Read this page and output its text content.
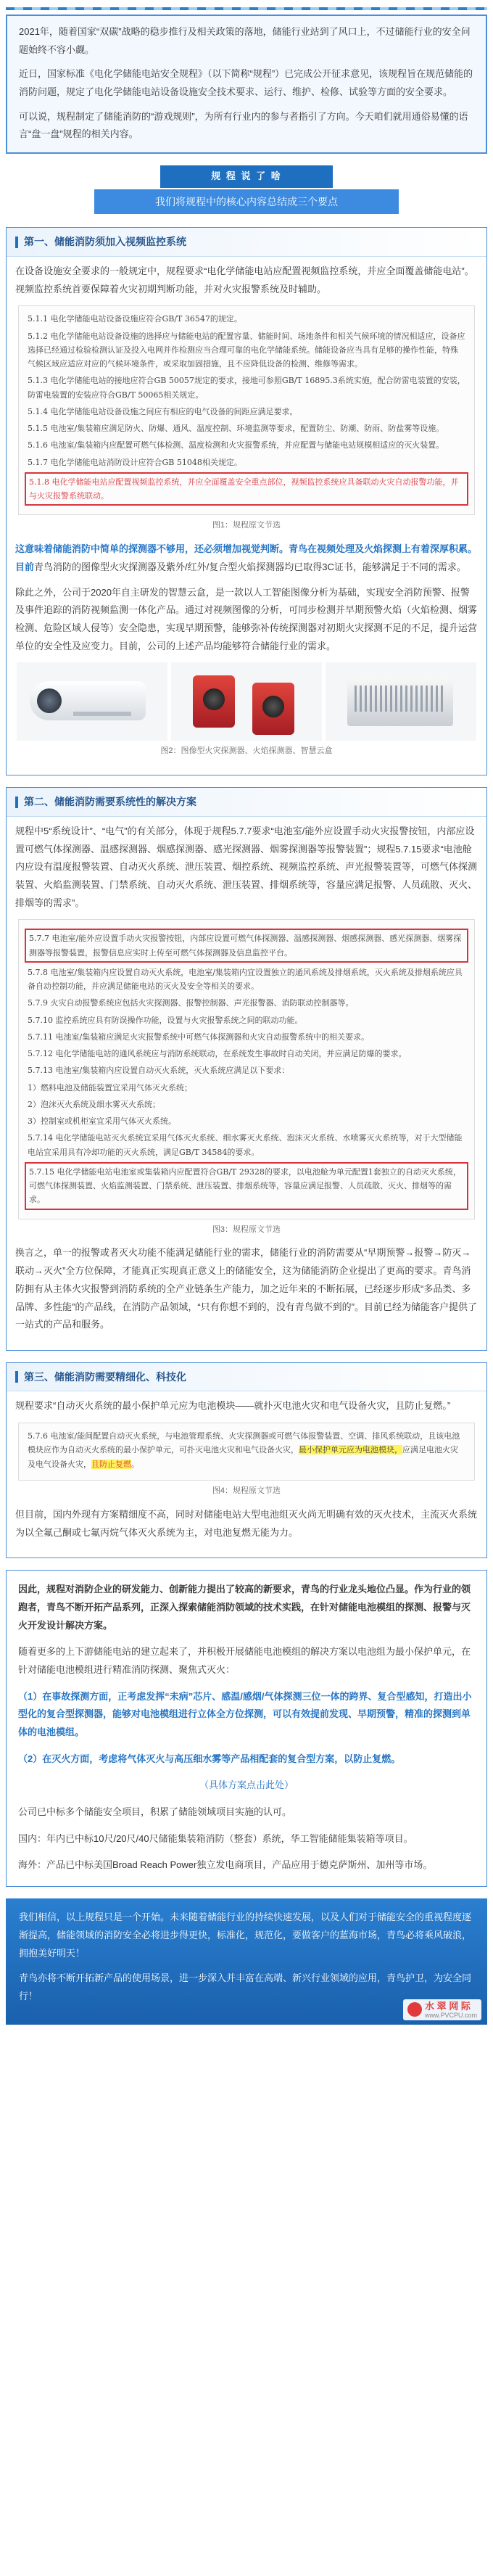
2021年，随着国家“双碳”战略的稳步推行及相关政策的落地，储能行业站到了风口上，不过储能行业的安全问题始终不容小觑。

近日，国家标准《电化学储能电站安全规程》（以下简称“规程”）已完成公开征求意见，该规程旨在规范储能的消防问题，规定了电化学储能电站设备设施安全技术要求、运行、维护、检修、试验等方面的安全要求。

可以说，规程制定了储能消防的“游戏规则”，为所有行业内的参与者指引了方向。今天咱们就用通俗易懂的语言“盘一盘”规程的相关内容。

规 程 说 了 啥
我们将规程中的核心内容总结成三个要点
第一、储能消防须加入视频监控系统

在设备设施安全要求的一般规定中，规程要求“电化学储能电站应配置视频监控系统，并应全面覆盖储能电站”。视频监控系统首要保障着火灾初期判断功能，并对火灾报警系统及时辅助。

5.1.1 电化学储能电站设备设施应符合GB/T 36547的规定。

5.1.2 电化学储能电站设备设施的选择应与储能电站的配置容量、储能时间、场地条件和相关气候环境的情况相适应，设备应选择已经通过检验检测认证及投入电网并作检测应当合理可靠的电化学储能系统。储能设备应当具有足够的操作性能，特殊气候区域应适应对应的气候环境条件，或采取加固措施，且不应降低设备的检测、维修等需求。

5.1.3 电化学储能电站的接地应符合GB 50057规定的要求，接地可参照GB/T 16895.3系统实施，配合防雷电装置的安装，防雷电装置的安装应符合GB/T 50065相关规定。

5.1.4 电化学储能电站设备设施之间应有相应的电气设备的间距应满足要求。

5.1.5 电池室/集装箱应满足防火、防爆、通风、温度控制、环境监测等要求，配置防尘、防潮、防雨、防盐雾等设施。

5.1.6 电池室/集装箱内应配置可燃气体检测、温度检测和火灾报警系统，并应配置与储能电站规模相适应的灭火装置。

5.1.7 电化学储能电站消防设计应符合GB 51048相关规定。

5.1.8 电化学储能电站应配置视频监控系统，并应全面覆盖安全重点部位，视频监控系统应具备联动火灾自动报警功能，并与火灾报警系统联动。

图1：规程原文节选

这意味着储能消防中简单的探测器不够用，还必须增加视觉判断。青鸟在视频处理及火焰探测上有着深厚积累。目前青鸟消防的图像型火灾探测器及紫外/红外/复合型火焰探测器均已取得3C证书，能够满足于不同的需求。

除此之外，公司于2020年自主研发的智慧云盒，是一款以人工智能图像分析为基础，实现安全消防预警、报警及事件追踪的消防视频监测一体化产品。通过对视频图像的分析，可同步检测并早期预警火焰（火焰检测、烟雾检测、危险区域人侵等）安全隐患，实现早期预警，能够弥补传统探测器对初期火灾探测不足的不足，提升运营单位的安全性及应变力。目前，公司的上述产品均能够符合储能行业的需求。

图2：图像型火灾探测器、火焰探测器、智慧云盒
第二、储能消防需要系统性的解决方案

规程中5“系统设计”、“电气”的有关部分，体现于规程5.7.7要求“电池室/能外应设置手动火灾报警按钮，内部应设置可燃气体探测器、温感探测器、烟感探测器、感光探测器、烟雾探测器等报警装置”；规程5.7.15要求“电池舱内应设有温度报警装置、自动灭火系统、泄压装置、烟控系统、视频监控系统、声光报警装置等，可燃气体探测装置、火焰监测装置、门禁系统、自动灭火系统、泄压装置、排烟系统等，容量应满足报警、人员疏散、灭火、排烟等的需求”。

5.7.7 电池室/能外应设置手动火灾报警按钮，内部应设置可燃气体探测器、温感探测器、烟感探测器、感光探测器、烟雾探测器等报警装置，报警信息应实时上传至可燃气体探测器及信息监控平台。

5.7.8 电池室/集装箱内应设置自动灭火系统，电池室/集装箱内宜设置独立的通风系统及排烟系统，灭火系统及排烟系统应具备自动控制功能，并应满足储能电站的灭火及安全等相关的要求。

5.7.9 火灾自动报警系统应包括火灾探测器、报警控制器、声光报警器、消防联动控制器等。

5.7.10 监控系统应具有防误操作功能，设置与火灾报警系统之间的联动功能。

5.7.11 电池室/集装箱应满足火灾报警系统中可燃气体探测器和火灾自动报警系统中的相关要求。

5.7.12 电化学储能电站的通风系统应与消防系统联动，在系统发生事故时自动关闭，并应满足防爆的要求。

5.7.13 电池室/集装箱内应设置自动灭火系统，灭火系统应满足以下要求：

1）燃料电池及储能装置宜采用气体灭火系统；

2）泡沫灭火系统及细水雾灭火系统；

3）控制室或机柜室宜采用气体灭火系统。

5.7.14 电化学储能电站灭火系统宜采用气体灭火系统、细水雾灭火系统、泡沫灭火系统、水喷雾灭火系统等，对于大型储能电站宜采用具有冷却功能的灭火系统，满足GB/T 34584的要求。

5.7.15 电化学储能电站电池室或集装箱内应配置符合GB/T 29328的要求，以电池舱为单元配置1套独立的自动灭火系统，可燃气体探测装置、火焰监测装置、门禁系统、泄压装置、排烟系统等，容量应满足报警、人员疏散、灭火、排烟等的需求。

图3：规程原文节选

换言之，单一的报警或者灭火功能不能满足储能行业的需求，储能行业的消防需要从“早期预警→报警→防灭→联动→灭火”全方位保障，才能真正实现真正意义上的储能安全，这为储能消防企业提出了更高的要求。青鸟消防拥有从主体火灾报警到消防系统的全产业链条生产能力，加之近年来的不断拓展，已经逐步形成“多品类、多品牌、多性能”的产品线，在消防产品领域，“只有你想不到的，没有青鸟做不到的”。目前已经为储能客户提供了一站式的产品和服务。

第三、储能消防需要精细化、科技化

规程要求“自动灭火系统的最小保护单元应为电池模块——就扑灭电池火灾和电气设备火灾，且防止复燃。”

5.7.6 电池室/能间配置自动灭火系统，与电池管理系统、火灾探测器或可燃气体报警装置、空调、排风系统联动，且该电池模块应作为自动灭火系统的最小保护单元，可扑灭电池火灾和电气设备火灾，最小保护单元应为电池模块，应满足电池火灾及电气设备火灾，且防止复燃。

图4：规程原文节选

但目前，国内外现有方案精细度不高，同时对储能电站大型电池组灭火尚无明确有效的灭火技术，主流灭火系统为以全氟己酮或七氟丙烷气体灭火系统为主，对电池复燃无能为力。

因此，规程对消防企业的研发能力、创新能力提出了较高的新要求，青鸟的行业龙头地位凸显。作为行业的领跑者，青鸟不断开拓产品系列，正深入探索储能消防领域的技术实践，在针对储能电池模组的探测、报警与灭火开发设计解决方案。

随着更多的上下游储能电站的建立起来了，并积极开展储能电池模组的解决方案以电池组为最小保护单元，在针对储能电池模组进行精准消防探测、聚焦式灭火：

（1）在事故探测方面，正考虑发挥“未病”芯片、感温/感烟/气体探测三位一体的跨界、复合型感知，打造出小型化的复合型探测器，能够对电池模组进行立体全方位探测，可以有效提前发现、早期预警，精准的探测到单体的电池模组。

（2）在灭火方面，考虑将气体灭火与高压细水雾等产品相配套的复合型方案，以防止复燃。

（具体方案点击此处）

公司已中标多个储能安全项目，积累了储能领域项目实施的认可。

国内：年内已中标10尺/20尺/40尺储能集装箱消防（整套）系统，华工智能储能集装箱等项目。

海外：产品已中标美国Broad Reach Power独立发电商项目，产品应用于德克萨斯州、加州等市场。

我们相信，以上规程只是一个开始。未来随着储能行业的持续快速发展，以及人们对于储能安全的重视程度逐渐提高，储能领域的消防安全必将进步得更快，标准化，规范化，要做客户的蓝海市场，青鸟必将乘风破浪，拥抱美好明天！

青鸟亦将不断开拓新产品的使用场景，进一步深入并丰富在高端、新兴行业领域的应用，青鸟护卫，为安全同行！

水 翠 网 际
www.PVCPU.com
